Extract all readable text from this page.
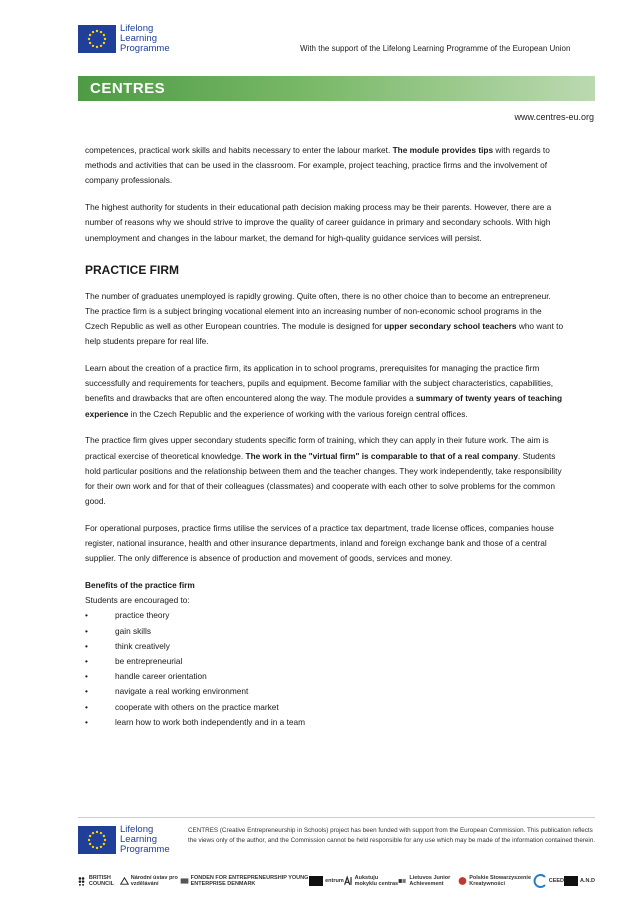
Lifelong
Learning
Programme	With the support of the Lifelong Learning Programme of the European Union
CENTRES
www.centres-eu.org

competences, practical work skills and habits necessary to enter the labour market. The module provides tips with regards to methods and activities that can be used in the classroom. For example, project teaching, practice firms and the involvement of company professionals.

The highest authority for students in their educational path decision making process may be their parents. However, there are a number of reasons why we should strive to improve the quality of career guidance in primary and secondary schools. With high unemployment and changes in the labour market, the demand for high-quality guidance services will persist.

PRACTICE FIRM

The number of graduates unemployed is rapidly growing. Quite often, there is no other choice than to become an entrepreneur. The practice firm is a subject bringing vocational element into an increasing number of non-economic school programs in the Czech Republic as well as other European countries. The module is designed for upper secondary school teachers who want to help students prepare for real life.

Learn about the creation of a practice firm, its application in to school programs, prerequisites for managing the practice firm successfully and requirements for teachers, pupils and equipment. Become familiar with the subject characteristics, capabilities, benefits and drawbacks that are often encountered along the way. The module provides a summary of twenty years of teaching experience in the Czech Republic and the experience of working with the various foreign central offices.

The practice firm gives upper secondary students specific form of training, which they can apply in their future work. The aim is practical exercise of theoretical knowledge. The work in the "virtual firm" is comparable to that of a real company. Students hold particular positions and the relationship between them and the teacher changes. They work independently, take responsibility for their own work and for that of their colleagues (classmates) and cooperate with each other to solve problems for the common good.

For operational purposes, practice firms utilise the services of a practice tax department, trade license offices, companies house register, national insurance, health and other insurance departments, inland and foreign exchange bank and those of a central supplier. The only difference is absence of production and movement of goods, services and money.

Benefits of the practice firm
Students are encouraged to:
•	practice theory
•	gain skills
•	think creatively
•	be entrepreneurial
•	handle career orientation
•	navigate a real working environment
•	cooperate with others on the practice market
•	learn how to work both independently and in a team
Lifelong
Learning
Programme
CENTRES (Creative Entrepreneurship in Schools) project has been funded with support from the European Commission. This publication reflects the views only of the author, and the Commission cannot be held responsible for any use which may be made of the information contained therein.
BRITISH COUNCIL
Národní ústav pro vzdělávání
FONDEN FOR ENTREPRENEURSHIP YOUNG ENTERPRISE DENMARK	entrum Aukstuju mokyklu centras
Lietuvos Junior Achievement
Polskie Stowarzyszenie Kreatywności	CEED	A.N.D
